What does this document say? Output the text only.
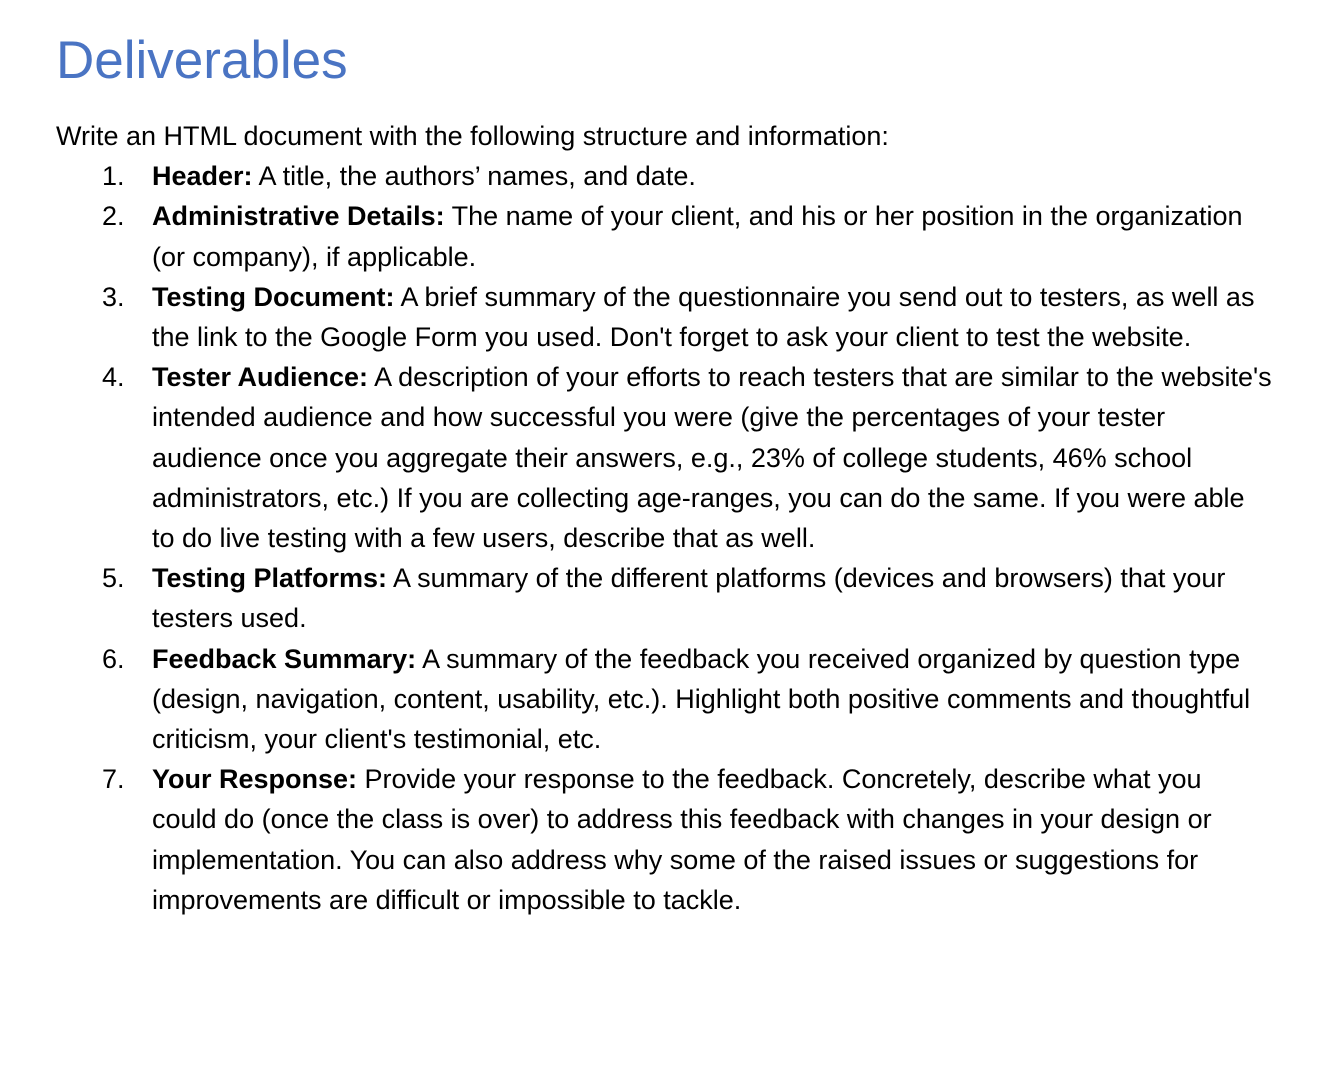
Deliverables

Write an HTML document with the following structure and information:

1.	Header: A title, the authors’ names, and date.
2.	Administrative Details: The name of your client, and his or her position in the organization (or company), if applicable.
3.	Testing Document: A brief summary of the questionnaire you send out to testers, as well as the link to the Google Form you used. Don't forget to ask your client to test the website.
4.	Tester Audience: A description of your efforts to reach testers that are similar to the website's intended audience and how successful you were (give the percentages of your tester audience once you aggregate their answers, e.g., 23% of college students, 46% school administrators, etc.) If you are collecting age-ranges, you can do the same. If you were able to do live testing with a few users, describe that as well.
5.	Testing Platforms: A summary of the different platforms (devices and browsers) that your testers used.
6.	Feedback Summary: A summary of the feedback you received organized by question type (design, navigation, content, usability, etc.). Highlight both positive comments and thoughtful criticism, your client's testimonial, etc.
7.	Your Response: Provide your response to the feedback. Concretely, describe what you could do (once the class is over) to address this feedback with changes in your design or implementation. You can also address why some of the raised issues or suggestions for improvements are difficult or impossible to tackle.
